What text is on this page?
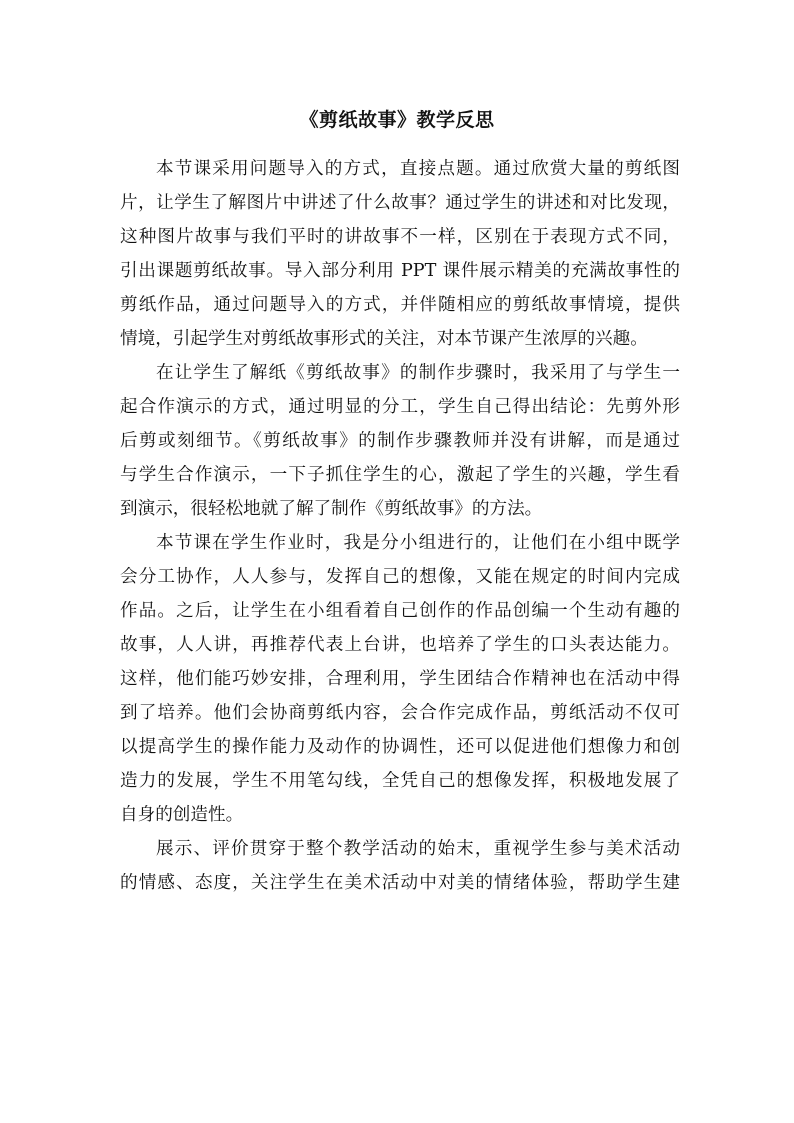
《剪纸故事》教学反思
本节课采用问题导入的方式，直接点题。通过欣赏大量的剪纸图
片，让学生了解图片中讲述了什么故事？通过学生的讲述和对比发现，
这种图片故事与我们平时的讲故事不一样，区别在于表现方式不同，
引出课题剪纸故事。导入部分利用 PPT 课件展示精美的充满故事性的
剪纸作品，通过问题导入的方式，并伴随相应的剪纸故事情境，提供
情境，引起学生对剪纸故事形式的关注，对本节课产生浓厚的兴趣。
在让学生了解纸《剪纸故事》的制作步骤时，我采用了与学生一
起合作演示的方式，通过明显的分工，学生自己得出结论：先剪外形
后剪或刻细节。《剪纸故事》的制作步骤教师并没有讲解，而是通过
与学生合作演示，一下子抓住学生的心，激起了学生的兴趣，学生看
到演示，很轻松地就了解了制作《剪纸故事》的方法。
本节课在学生作业时，我是分小组进行的，让他们在小组中既学
会分工协作，人人参与，发挥自己的想像，又能在规定的时间内完成
作品。之后，让学生在小组看着自己创作的作品创编一个生动有趣的
故事，人人讲，再推荐代表上台讲，也培养了学生的口头表达能力。
这样，他们能巧妙安排，合理利用，学生团结合作精神也在活动中得
到了培养。他们会协商剪纸内容，会合作完成作品，剪纸活动不仅可
以提高学生的操作能力及动作的协调性，还可以促进他们想像力和创
造力的发展，学生不用笔勾线，全凭自己的想像发挥，积极地发展了
自身的创造性。
展示、评价贯穿于整个教学活动的始末，重视学生参与美术活动
的情感、态度，关注学生在美术活动中对美的情绪体验，帮助学生建
